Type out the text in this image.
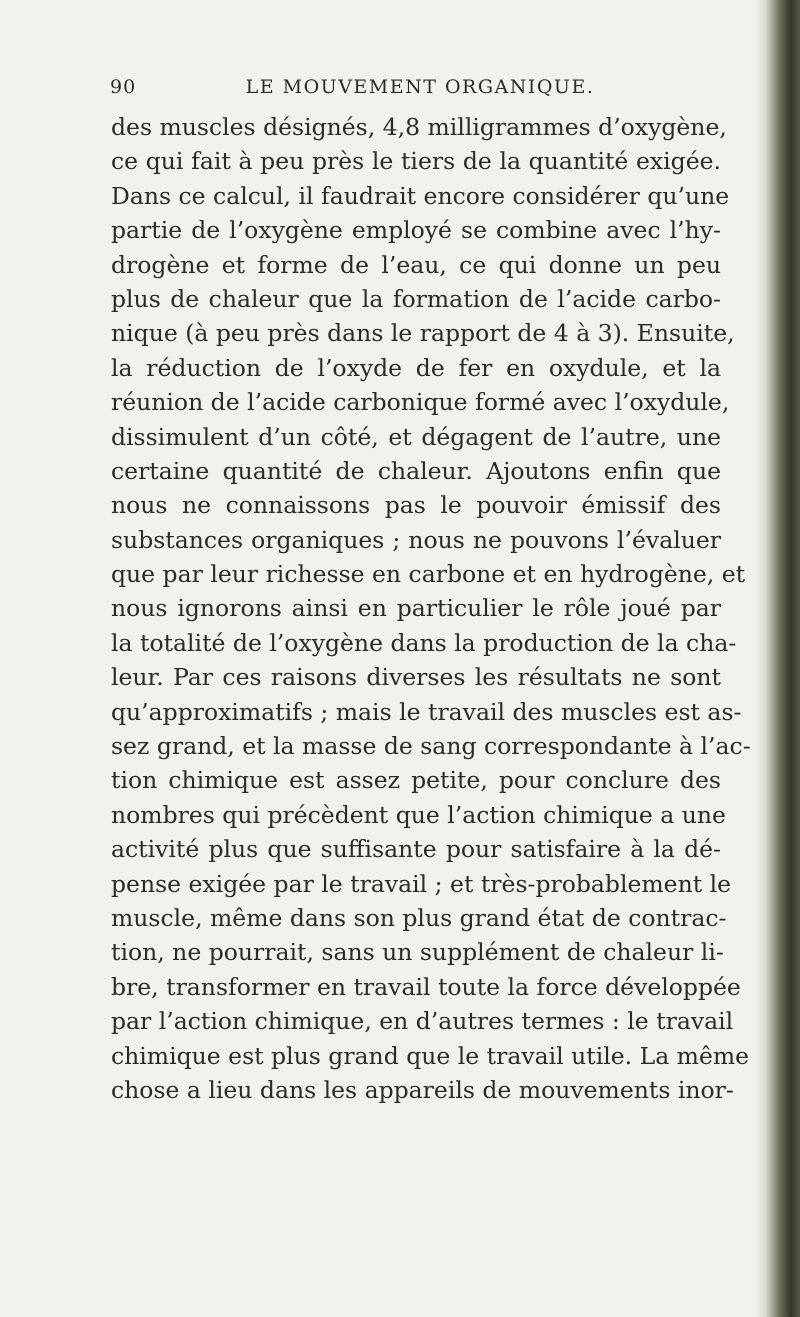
90	LE MOUVEMENT ORGANIQUE.
des muscles désignés, 4,8 milligrammes d’oxygène,
ce qui fait à peu près le tiers de la quantité exigée.
Dans ce calcul, il faudrait encore considérer qu’une
partie de l’oxygène employé se combine avec l’hy-
drogène et forme de l’eau, ce qui donne un peu
plus de chaleur que la formation de l’acide carbo-
nique (à peu près dans le rapport de 4 à 3). Ensuite,
la réduction de l’oxyde de fer en oxydule, et la
réunion de l’acide carbonique formé avec l’oxydule,
dissimulent d’un côté, et dégagent de l’autre, une
certaine quantité de chaleur. Ajoutons enfin que
nous ne connaissons pas le pouvoir émissif des
substances organiques ; nous ne pouvons l’évaluer
que par leur richesse en carbone et en hydrogène, et
nous ignorons ainsi en particulier le rôle joué par
la totalité de l’oxygène dans la production de la cha-
leur. Par ces raisons diverses les résultats ne sont
qu’approximatifs ; mais le travail des muscles est as-
sez grand, et la masse de sang correspondante à l’ac-
tion chimique est assez petite, pour conclure des
nombres qui précèdent que l’action chimique a une
activité plus que suffisante pour satisfaire à la dé-
pense exigée par le travail ; et très-probablement le
muscle, même dans son plus grand état de contrac-
tion, ne pourrait, sans un supplément de chaleur li-
bre, transformer en travail toute la force développée
par l’action chimique, en d’autres termes : le travail
chimique est plus grand que le travail utile. La même
chose a lieu dans les appareils de mouvements inor-
